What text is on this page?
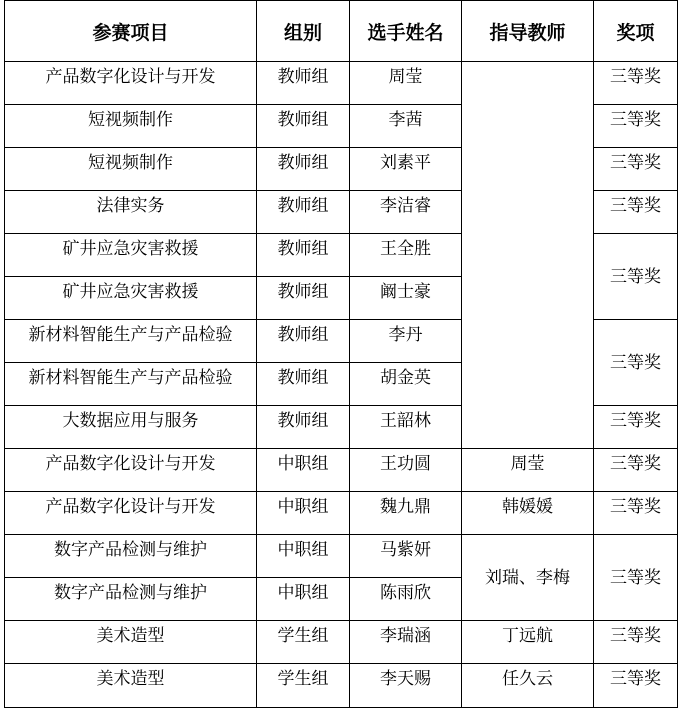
参赛项目	组别	选手姓名	指导教师	奖项
产品数字化设计与开发	教师组	周莹		三等奖
短视频制作	教师组	李茜		三等奖
短视频制作	教师组	刘素平		三等奖
法律实务	教师组	李洁睿		三等奖
矿井应急灾害救援	教师组	王全胜		三等奖
矿井应急灾害救援	教师组	阚士豪		
新材料智能生产与产品检验	教师组	李丹		三等奖
新材料智能生产与产品检验	教师组	胡金英		
大数据应用与服务	教师组	王韶林		三等奖
产品数字化设计与开发	中职组	王功圆	周莹	三等奖
产品数字化设计与开发	中职组	魏九鼎	韩媛媛	三等奖
数字产品检测与维护	中职组	马紫妍	刘瑞、李梅	三等奖
数字产品检测与维护	中职组	陈雨欣		
美术造型	学生组	李瑞涵	丁远航	三等奖
美术造型	学生组	李天赐	任久云	三等奖
